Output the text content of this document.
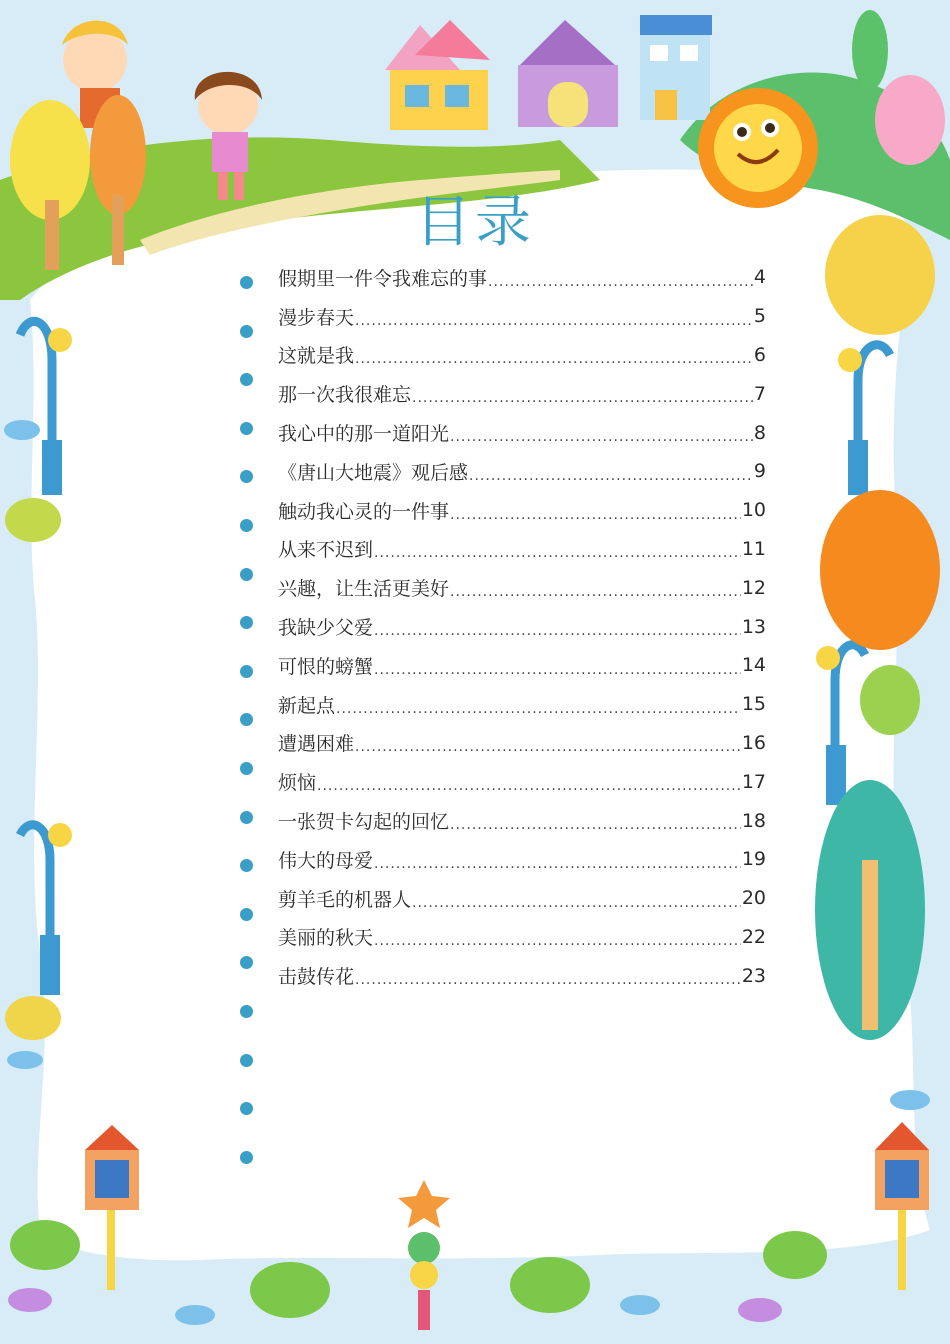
目录
假期里一件令我难忘的事 .....	4
漫步春天 .....	5
这就是我 .....	6
那一次我很难忘 .....	7
我心中的那一道阳光 .....	8
《唐山大地震》观后感 .....	9
触动我心灵的一件事 .....	10
从来不迟到 .....	11
兴趣，让生活更美好 .....	12
我缺少父爱 .....	13
可恨的螃蟹 .....	14
新起点 .....	15
遭遇困难 .....	16
烦恼 .....	17
一张贺卡勾起的回忆 .....	18
伟大的母爱 .....	19
剪羊毛的机器人 .....	20
美丽的秋天 .....	22
击鼓传花 .....	23
